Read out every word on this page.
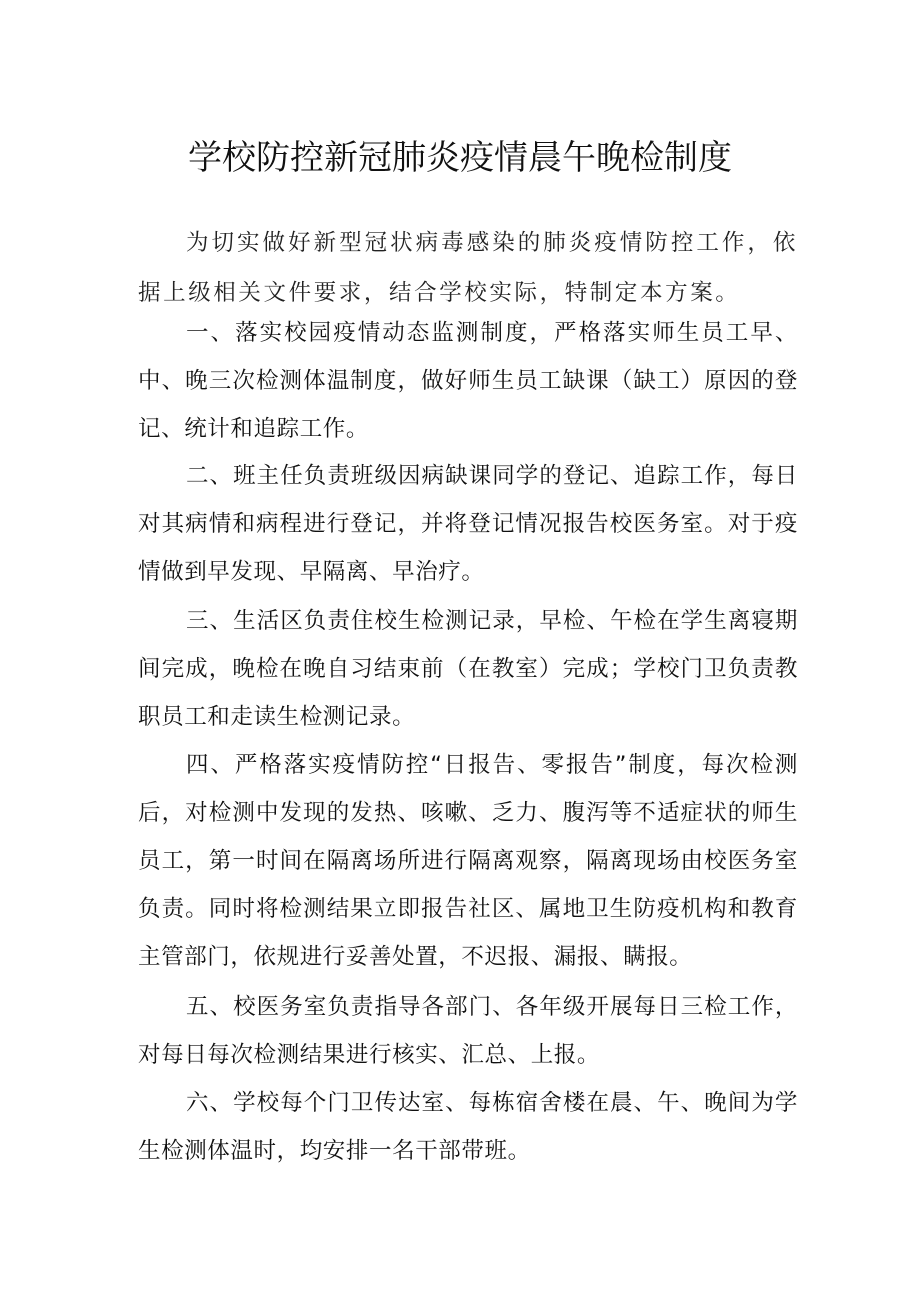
学校防控新冠肺炎疫情晨午晚检制度

为切实做好新型冠状病毒感染的肺炎疫情防控工作，依据上级相关文件要求，结合学校实际，特制定本方案。

一、落实校园疫情动态监测制度，严格落实师生员工早、中、晚三次检测体温制度，做好师生员工缺课（缺工）原因的登记、统计和追踪工作。

二、班主任负责班级因病缺课同学的登记、追踪工作，每日对其病情和病程进行登记，并将登记情况报告校医务室。对于疫情做到早发现、早隔离、早治疗。

三、生活区负责住校生检测记录，早检、午检在学生离寝期间完成，晚检在晚自习结束前（在教室）完成；学校门卫负责教职员工和走读生检测记录。

四、严格落实疫情防控“日报告、零报告”制度，每次检测后，对检测中发现的发热、咳嗽、乏力、腹泻等不适症状的师生员工，第一时间在隔离场所进行隔离观察，隔离现场由校医务室负责。同时将检测结果立即报告社区、属地卫生防疫机构和教育主管部门，依规进行妥善处置，不迟报、漏报、瞒报。

五、校医务室负责指导各部门、各年级开展每日三检工作，对每日每次检测结果进行核实、汇总、上报。

六、学校每个门卫传达室、每栋宿舍楼在晨、午、晚间为学生检测体温时，均安排一名干部带班。
